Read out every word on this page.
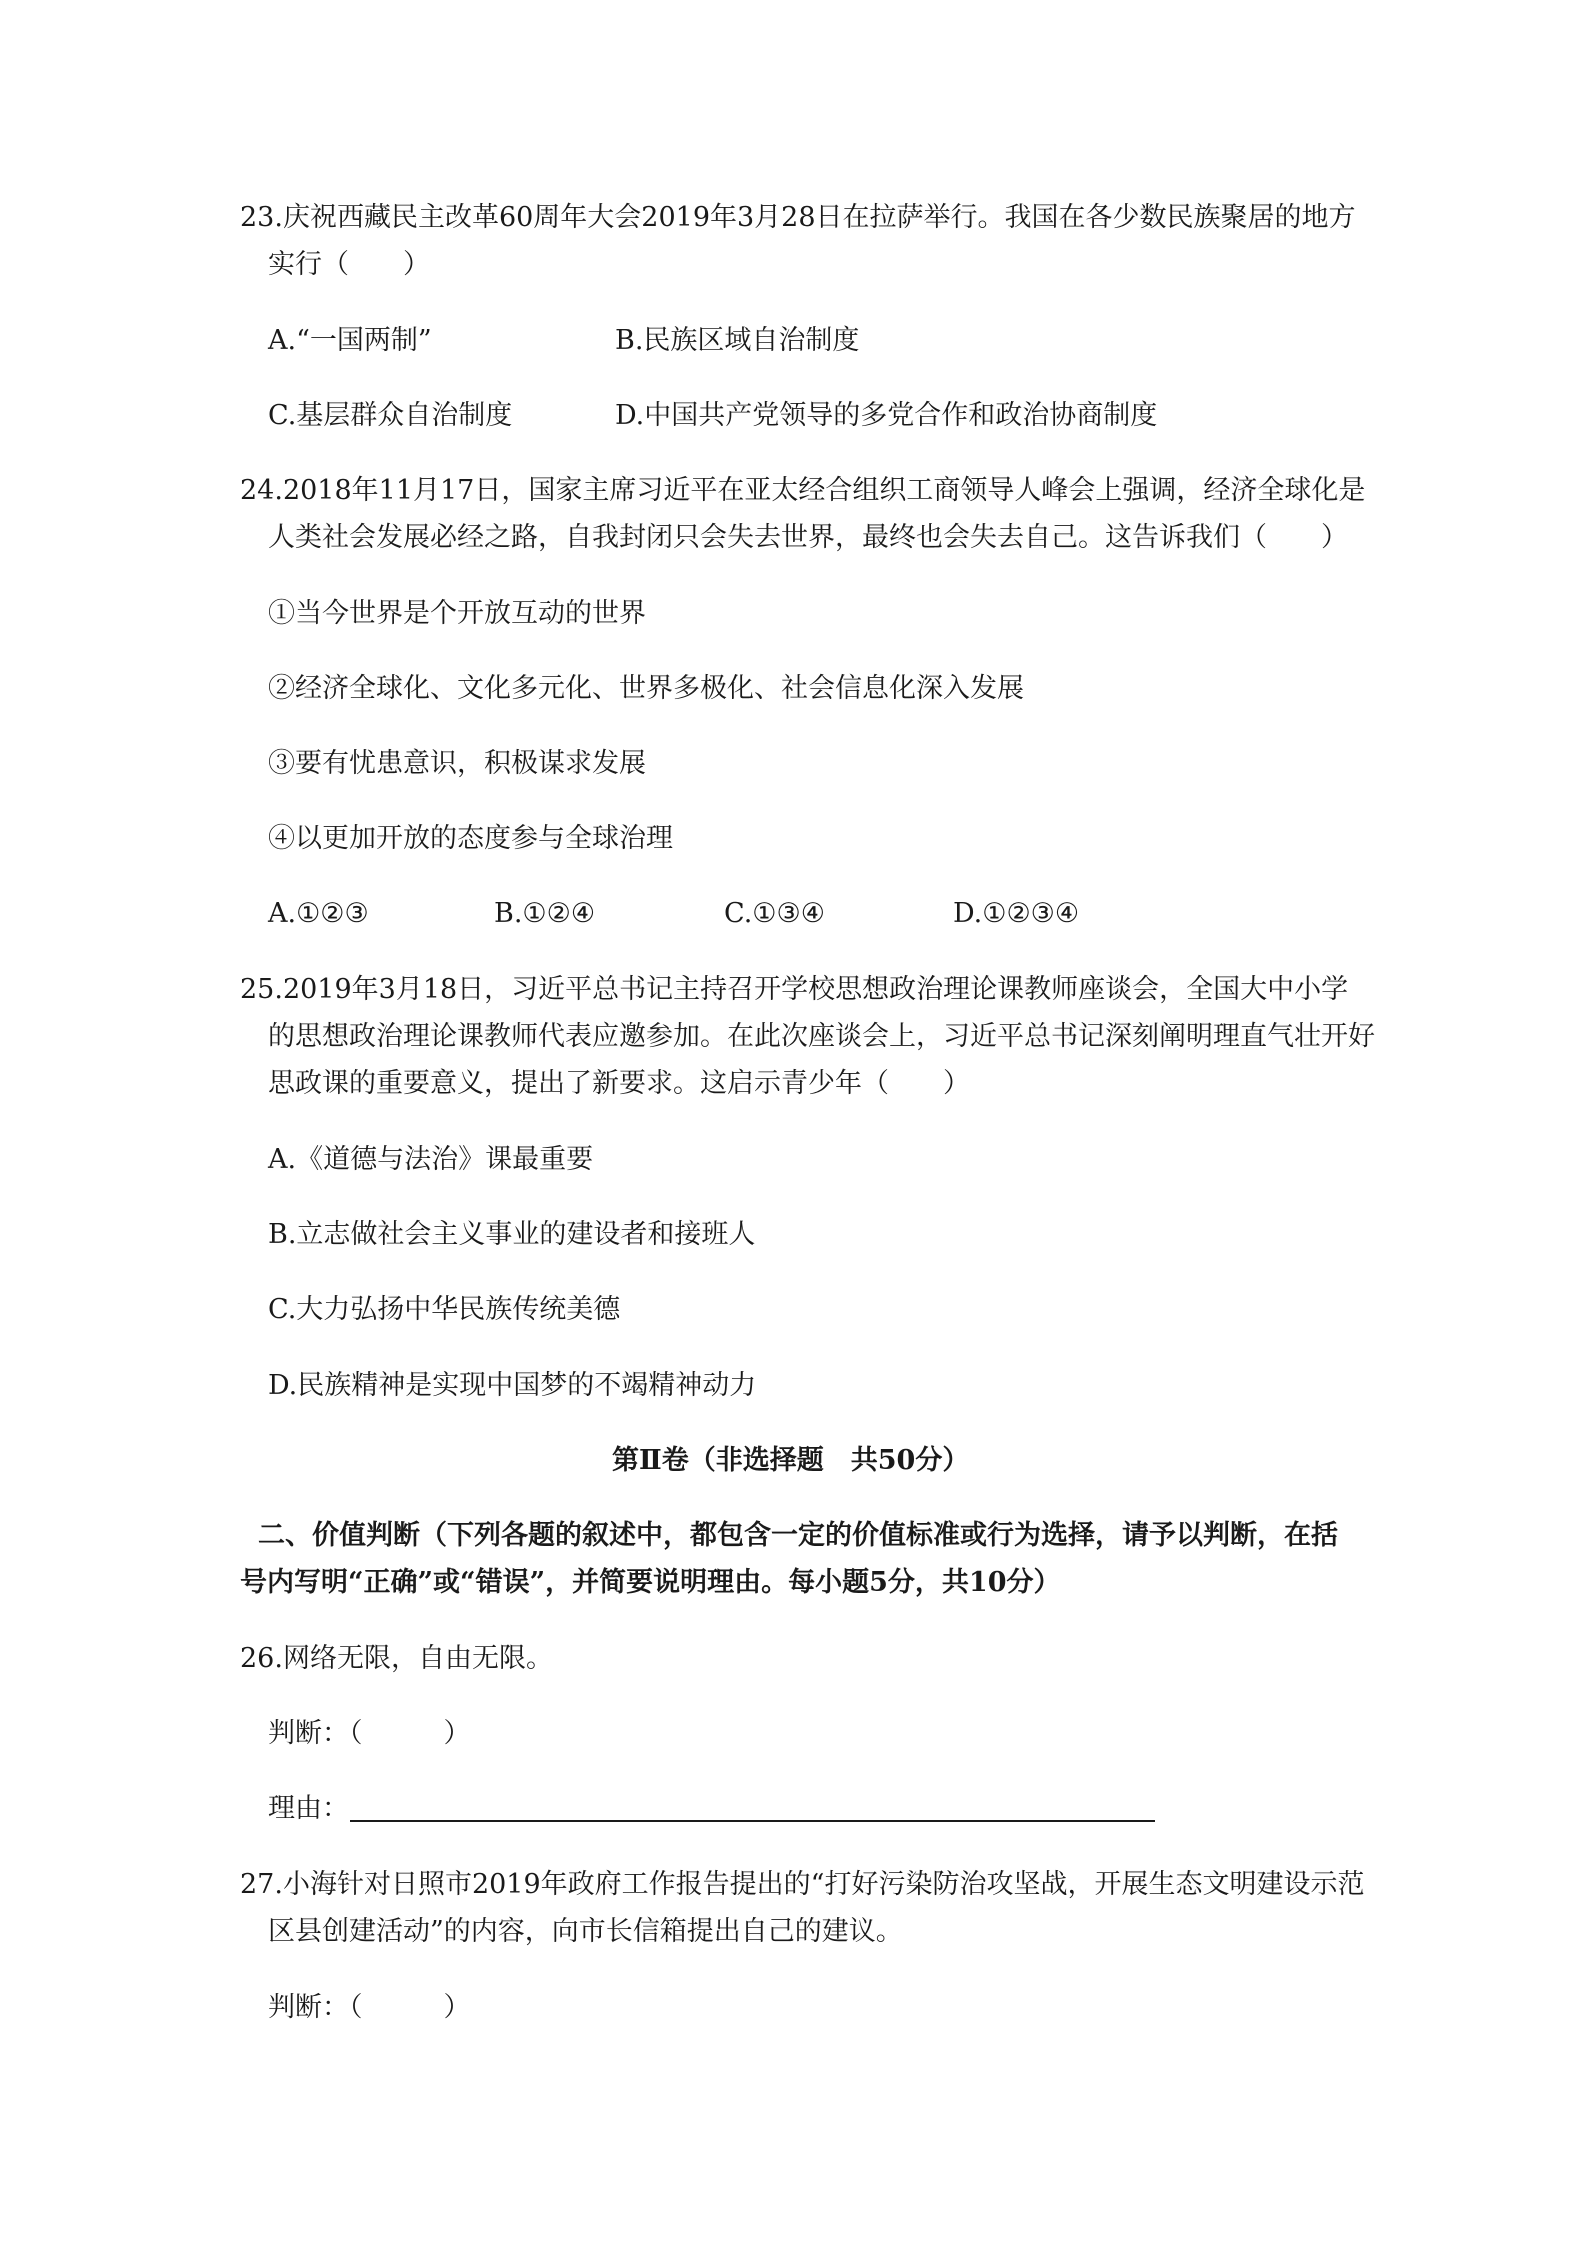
23.庆祝西藏民主改革60周年大会2019年3月28日在拉萨举行。我国在各少数民族聚居的地方
实行（　　）
A.“一国两制”	B.民族区域自治制度
C.基层群众自治制度	D.中国共产党领导的多党合作和政治协商制度
24.2018年11月17日，国家主席习近平在亚太经合组织工商领导人峰会上强调，经济全球化是
人类社会发展必经之路，自我封闭只会失去世界，最终也会失去自己。这告诉我们（　　）
①当今世界是个开放互动的世界
②经济全球化、文化多元化、世界多极化、社会信息化深入发展
③要有忧患意识，积极谋求发展
④以更加开放的态度参与全球治理
A.①②③	B.①②④	C.①③④	D.①②③④
25.2019年3月18日，习近平总书记主持召开学校思想政治理论课教师座谈会，全国大中小学
的思想政治理论课教师代表应邀参加。在此次座谈会上，习近平总书记深刻阐明理直气壮开好
思政课的重要意义，提出了新要求。这启示青少年（　　）
A.《道德与法治》课最重要
B.立志做社会主义事业的建设者和接班人
C.大力弘扬中华民族传统美德
D.民族精神是实现中国梦的不竭精神动力
第Ⅱ卷（非选择题　共50分）
二、价值判断（下列各题的叙述中，都包含一定的价值标准或行为选择，请予以判断，在括
号内写明“正确”或“错误”，并简要说明理由。每小题5分，共10分）
26.网络无限，自由无限。
判断：（　　　）
理由：
27.小海针对日照市2019年政府工作报告提出的“打好污染防治攻坚战，开展生态文明建设示范
区县创建活动”的内容，向市长信箱提出自己的建议。
判断：（　　　）
